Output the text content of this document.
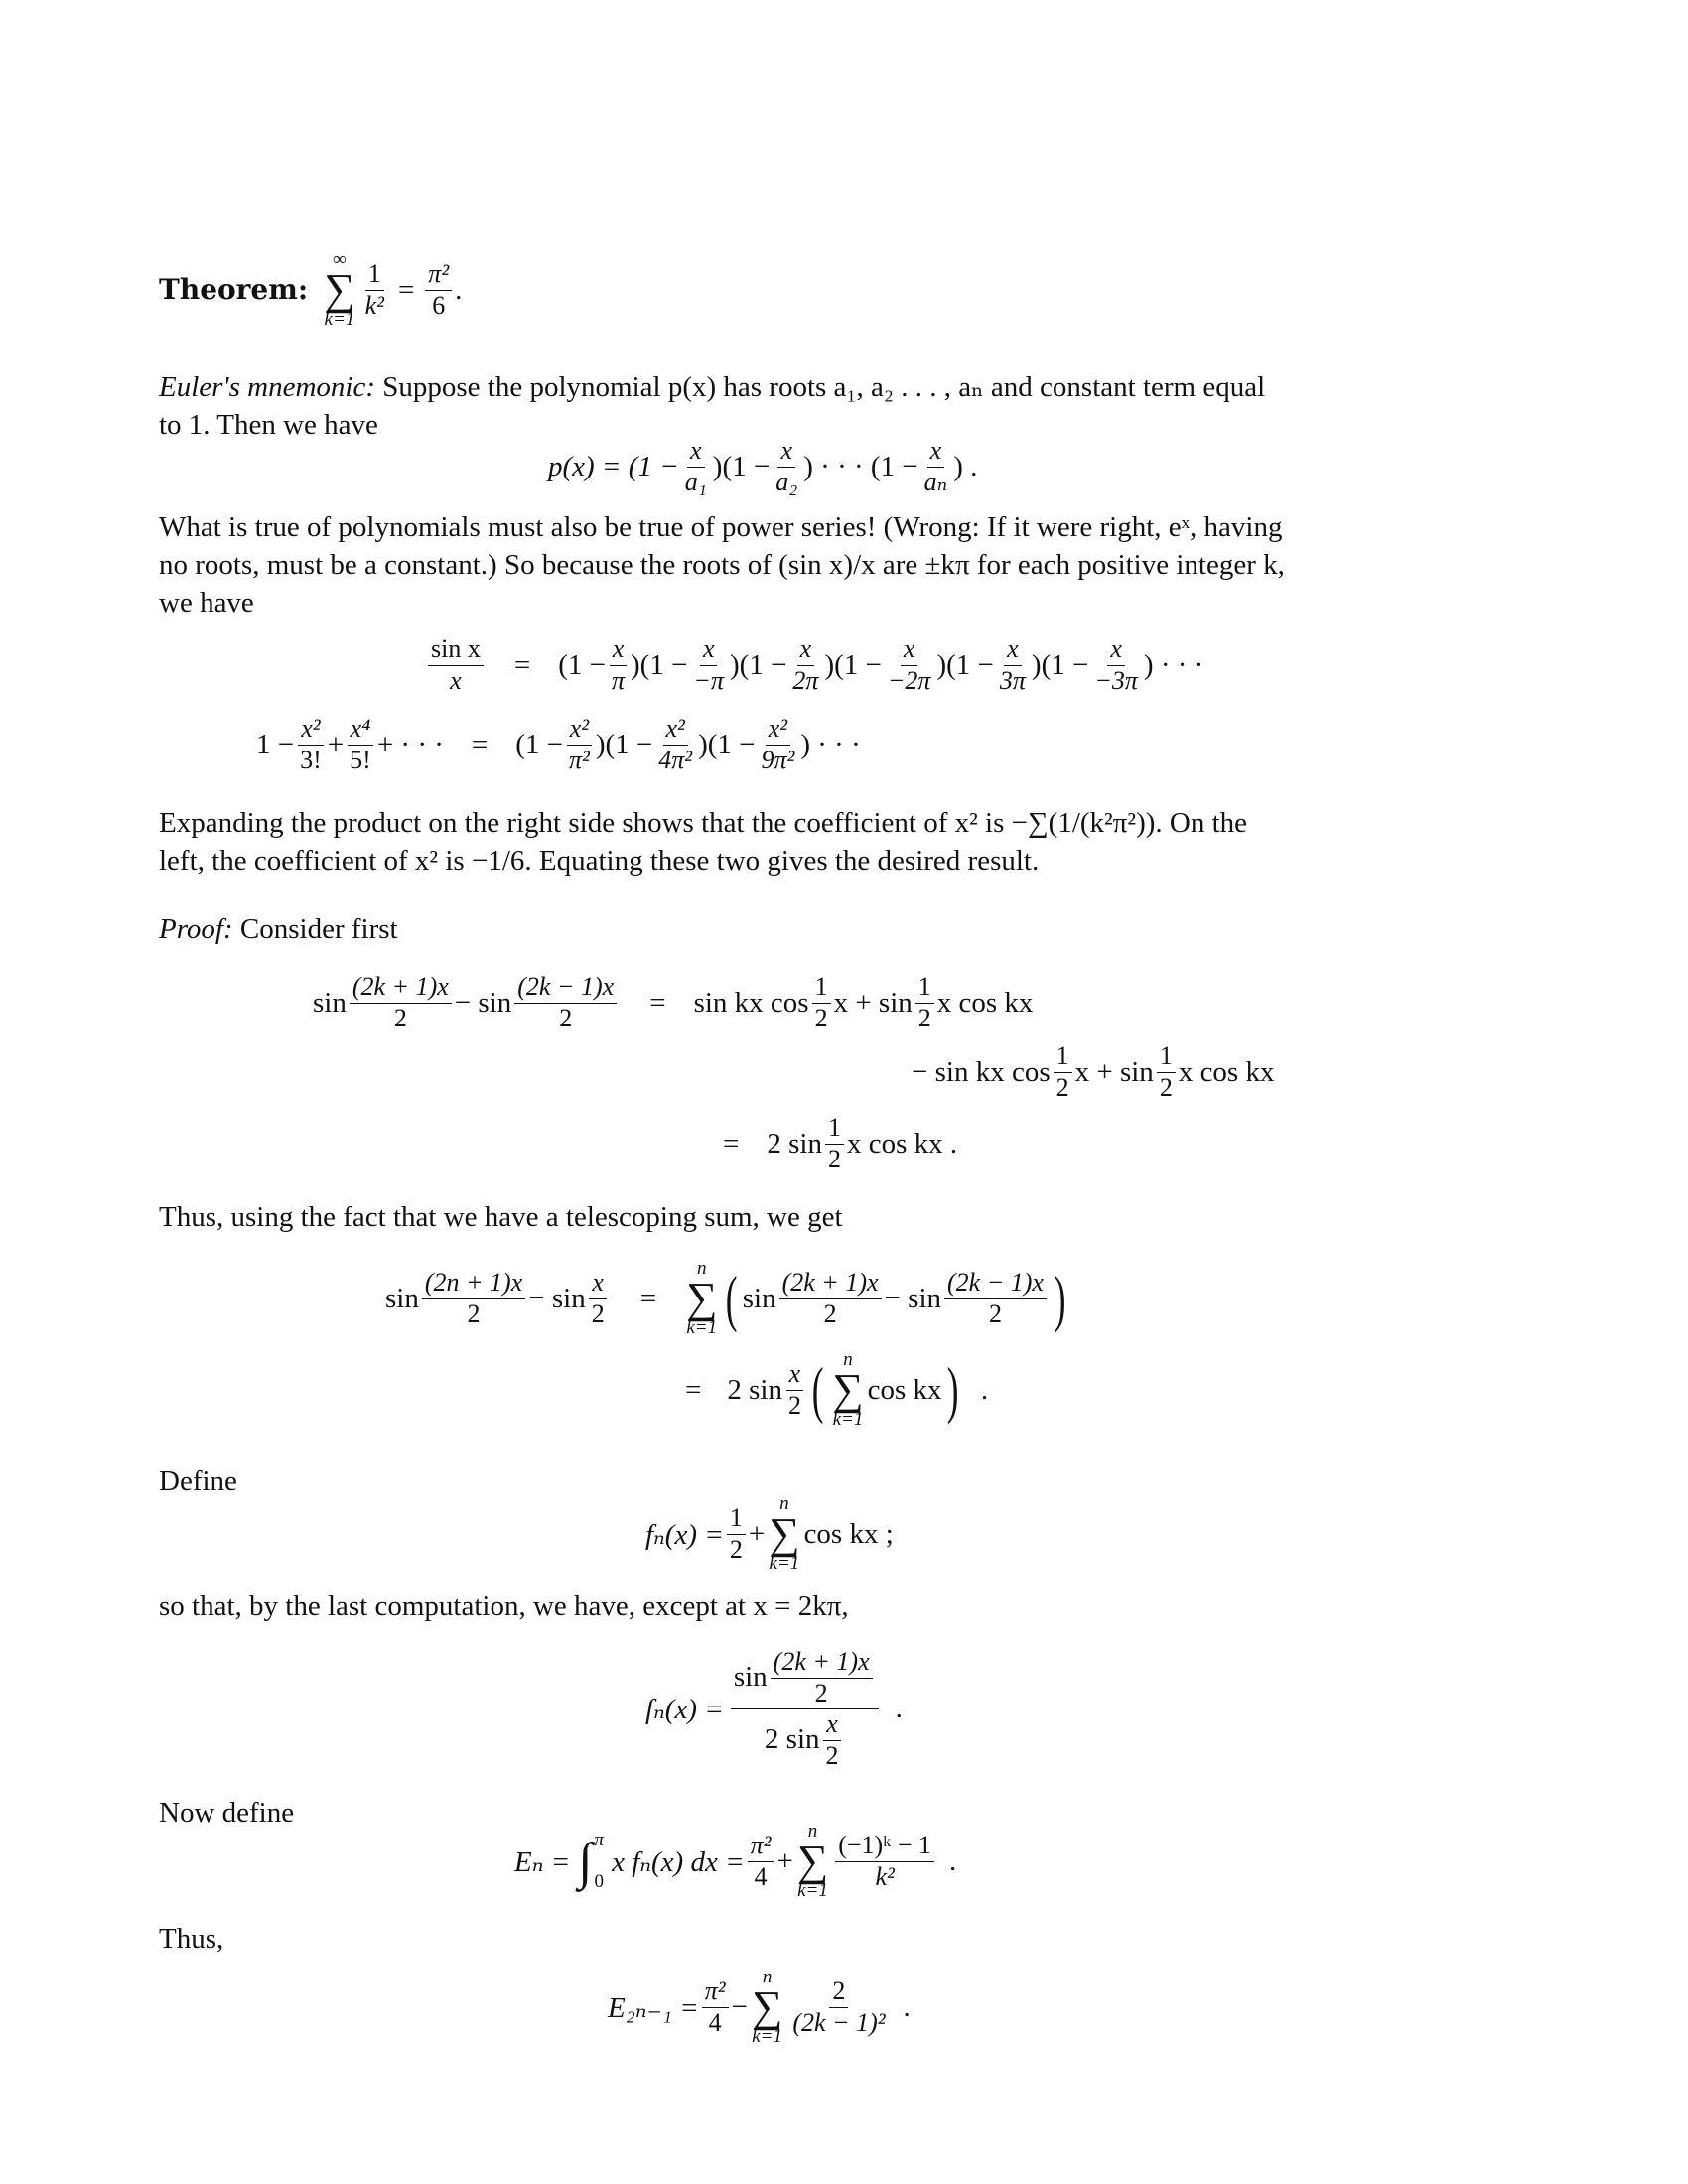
Theorem:
∞
∑
$k=1 \frac{1}{\text{k²}} = \frac{\text{π²}}{6}$ .
Euler's mnemonic: Suppose the polynomial p(x) has roots a₁, a₂ . . . , aₙ and constant term equal
to 1. Then we have
$p(x) = (1 - \frac{x}{\text{a₁}} )(1 - \frac{x}{\text{a₂}}$ ) · · · ($1 - \frac{x}{\text{aₙ}}$ ) .
What is true of polynomials must also be true of power series! (Wrong: If it were right, eˣ, having
no roots, must be a constant.) So because the roots of (sin x)/x are ±kπ for each positive integer k,
we have
$\frac{\text{sin x}}{x} = (1 - \frac{x}{\pi} )(1 - \frac{x}{-\pi} )(1 - \frac{x}{2\pi} )(1 - \frac{x}{-2\pi} )(1 - \frac{x}{3\pi} )(1 - \frac{x}{-3\pi}$ ) · · ·
$1 - \frac{\text{x²}}{3!} + \frac{\text{x⁴}}{5!}$ + · · · = $(1 - \frac{\text{x²}}{\text{π²}} )(1 - \frac{\text{x²}}{\text{4π²}} )(1 - \frac{\text{x²}}{\text{9π²}}$ ) · · ·
Expanding the product on the right side shows that the coefficient of x² is −∑(1/(k²π²)). On the
left, the coefficient of x² is −1/6. Equating these two gives the desired result.
Proof: Consider first
$\sin \frac{(2k + 1)x}{2} - \sin \frac{(2k - 1)x}{2} = \sin$ kx $\cos \frac{1}{2}$ $x + \sin \frac{1}{2}$ x cos kx
− sin kx $\cos \frac{1}{2}$ $x + \sin \frac{1}{2}$ x cos kx
= 2 $\sin \frac{1}{2}$ x cos kx .
Thus, using the fact that we have a telescoping sum, we get
$\sin \frac{(2n + 1)x}{2} - \sin \frac{x}{2}$ =
n
∑
k=1 ( $\sin \frac{(2k + 1)x}{2} - \sin \frac{(2k - 1)x}{2}$ )
= 2 $\sin \frac{x}{2}$ ( n
∑
k=1
cos kx ) .
Define
$f_n(x) = \frac{1}{2}$ +
n
∑
k=1
cos kx ;
so that, by the last computation, we have, except at x = 2kπ,
$f_n(x) = \frac{\sin \frac{(2k + 1)x}{2}}{2 \sin \frac{x}{2}}$ .
Now define
Eₙ = ∫ π
0
x fₙ(x) dx = $\frac{\text{π²}}{4}$ +
n
∑
$k=1 \frac{\text{(−1)ᵏ − 1}}{\text{k²}}$ .
Thus,
$E_{2n-1} = \frac{\text{π²}}{4}$ −
n
∑
$k=1 \frac{2}{\text{(2k − 1)²}}$ .
